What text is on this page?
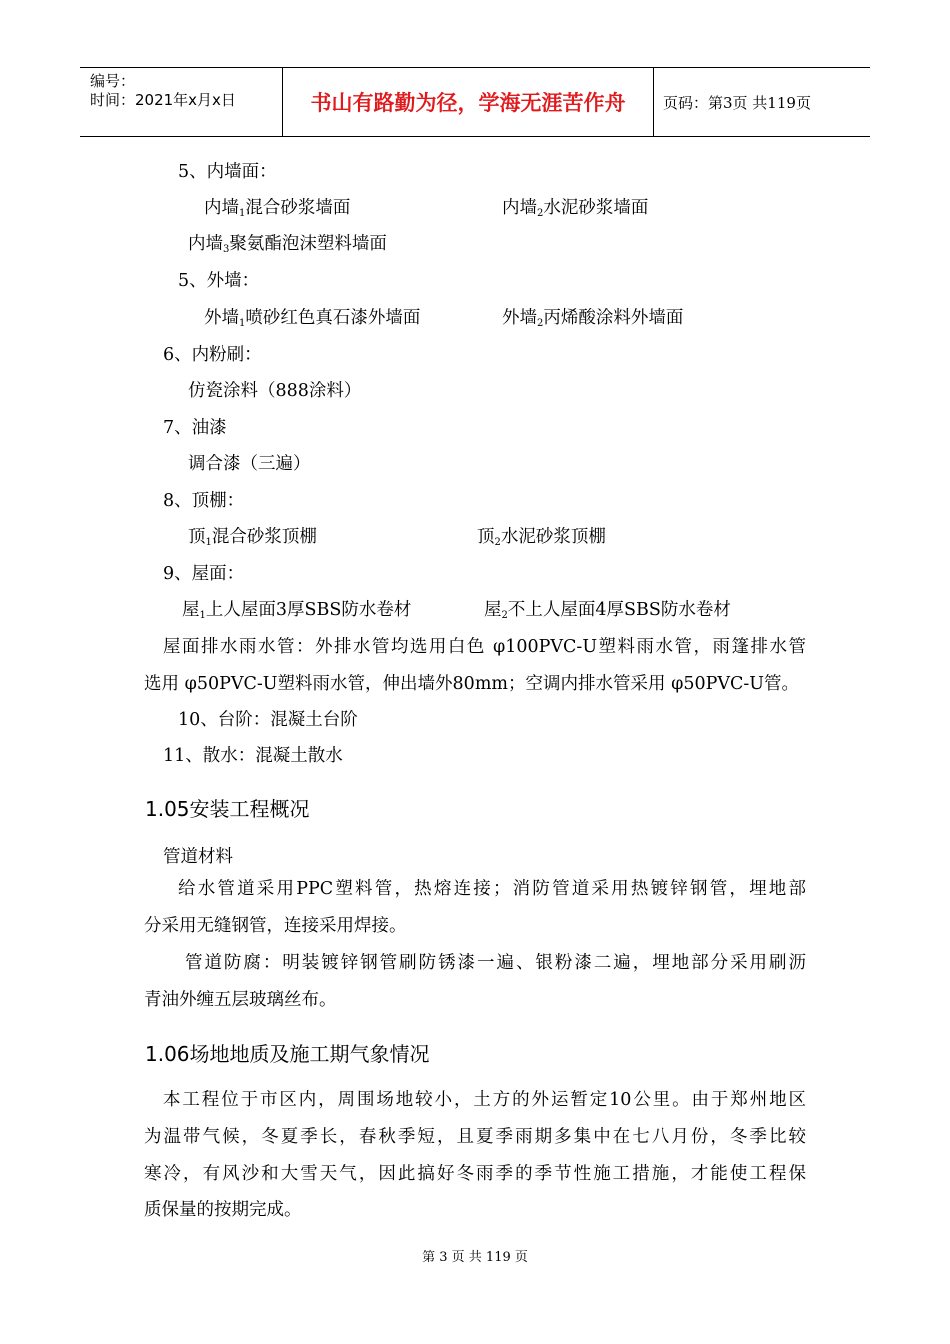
编号：
时间：2021年x月x日	书山有路勤为径，学海无涯苦作舟	页码：第3页 共119页
5、内墙面：
内墙$_1$混合砂浆墙面	内墙$_2$水泥砂浆墙面
内墙$_3$聚氨酯泡沫塑料墙面
5、外墙：
外墙$_1$喷砂红色真石漆外墙面	外墙$_2$丙烯酸涂料外墙面
6、内粉刷：
仿瓷涂料（888涂料）
7、油漆
调合漆（三遍）
8、顶棚：
顶$_1$混合砂浆顶棚	顶$_2$水泥砂浆顶棚
9、屋面：
屋$_1$上人屋面3厚SBS防水卷材	屋$_2$不上人屋面4厚SBS防水卷材
屋面排水雨水管：外排水管均选用白色 φ100PVC-U塑料雨水管，雨篷排水管
选用 φ50PVC-U塑料雨水管，伸出墙外80mm；空调内排水管采用 φ50PVC-U管。
10、台阶：混凝土台阶
11、散水：混凝土散水
1.05安装工程概况
管道材料
给水管道采用PPC塑料管，热熔连接；消防管道采用热镀锌钢管，埋地部
分采用无缝钢管，连接采用焊接。
管道防腐：明装镀锌钢管刷防锈漆一遍、银粉漆二遍，埋地部分采用刷沥
青油外缠五层玻璃丝布。
1.06场地地质及施工期气象情况
本工程位于市区内，周围场地较小，土方的外运暂定10公里。由于郑州地区
为温带气候，冬夏季长，春秋季短，且夏季雨期多集中在七八月份，冬季比较
寒冷，有风沙和大雪天气，因此搞好冬雨季的季节性施工措施，才能使工程保
质保量的按期完成。
第 3 页 共 119 页
